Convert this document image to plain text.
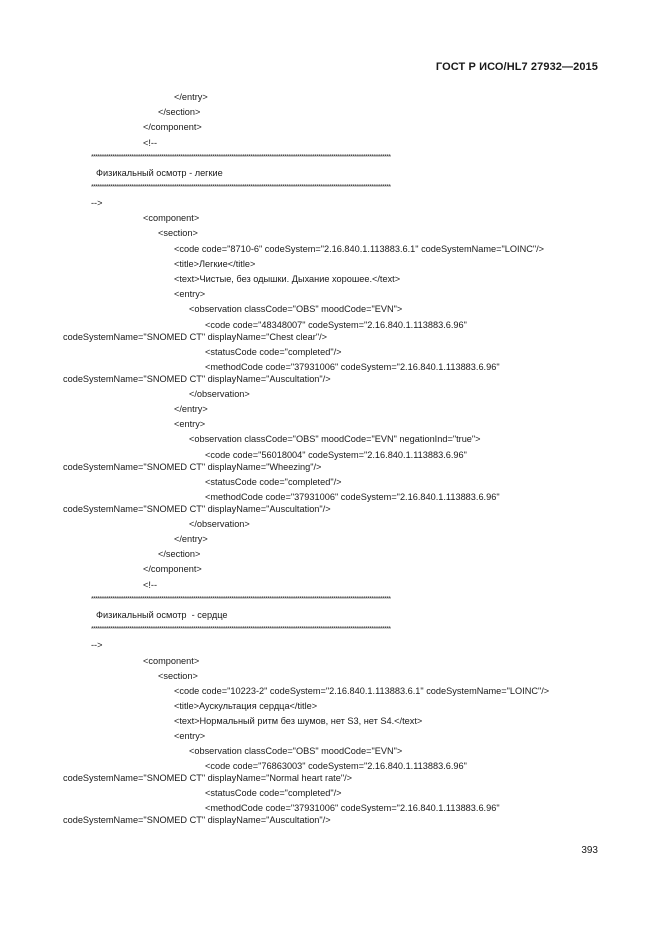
ГОСТ Р ИСО/HL7 27932—2015
</entry>
</section>
</component>
<!--
*********************************************************************************************************************************************
Физикальный осмотр - легкие
*********************************************************************************************************************************************
-->
<component>
<section>
<code code="8710-6" codeSystem="2.16.840.1.113883.6.1" codeSystemName="LOINC"/>
<title>Легкие</title>
<text>Чистые, без одышки. Дыхание хорошее.</text>
<entry>
<observation classCode="OBS" moodCode="EVN">
<code code="48348007" codeSystem="2.16.840.1.113883.6.96"
codeSystemName="SNOMED CT" displayName="Chest clear"/>
<statusCode code="completed"/>
<methodCode code="37931006" codeSystem="2.16.840.1.113883.6.96"
codeSystemName="SNOMED CT" displayName="Auscultation"/>
</observation>
</entry>
<entry>
<observation classCode="OBS" moodCode="EVN" negationInd="true">
<code code="56018004" codeSystem="2.16.840.1.113883.6.96"
codeSystemName="SNOMED CT" displayName="Wheezing"/>
<statusCode code="completed"/>
<methodCode code="37931006" codeSystem="2.16.840.1.113883.6.96"
codeSystemName="SNOMED CT" displayName="Auscultation"/>
</observation>
</entry>
</section>
</component>
<!--
*********************************************************************************************************************************************
Физикальный осмотр  - сердце
*********************************************************************************************************************************************
-->
<component>
<section>
<code code="10223-2" codeSystem="2.16.840.1.113883.6.1" codeSystemName="LOINC"/>
<title>Аускультация сердца</title>
<text>Нормальный ритм без шумов, нет S3, нет S4.</text>
<entry>
<observation classCode="OBS" moodCode="EVN">
<code code="76863003" codeSystem="2.16.840.1.113883.6.96"
codeSystemName="SNOMED CT" displayName="Normal heart rate"/>
<statusCode code="completed"/>
<methodCode code="37931006" codeSystem="2.16.840.1.113883.6.96"
codeSystemName="SNOMED CT" displayName="Auscultation"/>
393
